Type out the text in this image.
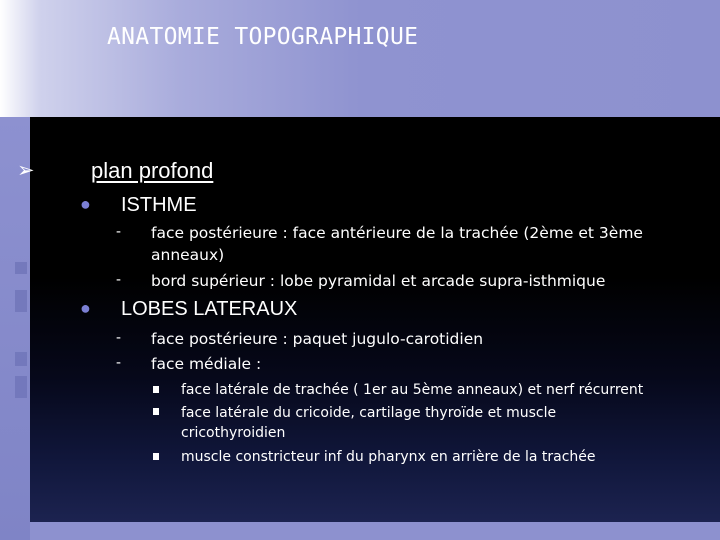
ANATOMIE TOPOGRAPHIQUE
➢	plan profond
● ISTHME
- face postérieure : face antérieure de la trachée (2ème et 3ème
anneaux)
- bord supérieur : lobe pyramidal et arcade supra-isthmique
● LOBES LATERAUX
- face postérieure : paquet jugulo-carotidien
- face médiale :
face latérale de trachée ( 1er au 5ème anneaux) et nerf récurrent
face latérale du cricoide, cartilage thyroïde et muscle
cricothyroidien
muscle constricteur inf du pharynx en arrière de la trachée
